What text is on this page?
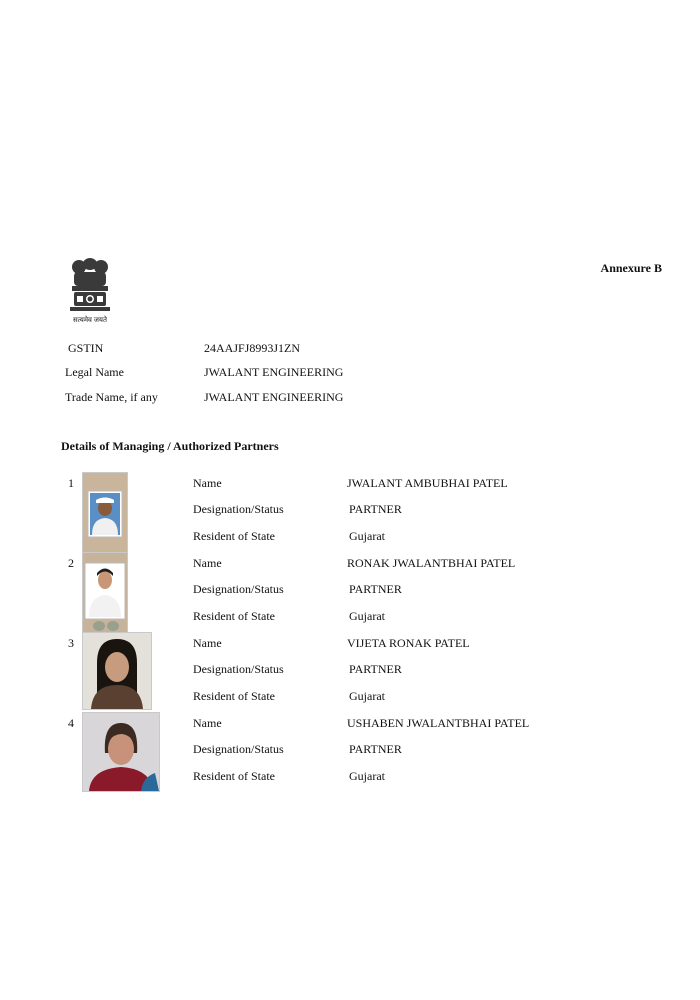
सत्यमेव जयते
Annexure B
GSTIN	24AAJFJ8993J1ZN
Legal Name	JWALANT ENGINEERING
Trade Name, if any	JWALANT ENGINEERING
Details of Managing / Authorized Partners
1	Name	JWALANT AMBUBHAI PATEL
Designation/Status	PARTNER
Resident of State	Gujarat
2	Name	RONAK JWALANTBHAI PATEL
Designation/Status	PARTNER
Resident of State	Gujarat
3	Name	VIJETA RONAK PATEL
Designation/Status	PARTNER
Resident of State	Gujarat
4	Name	USHABEN JWALANTBHAI PATEL
Designation/Status	PARTNER
Resident of State	Gujarat
